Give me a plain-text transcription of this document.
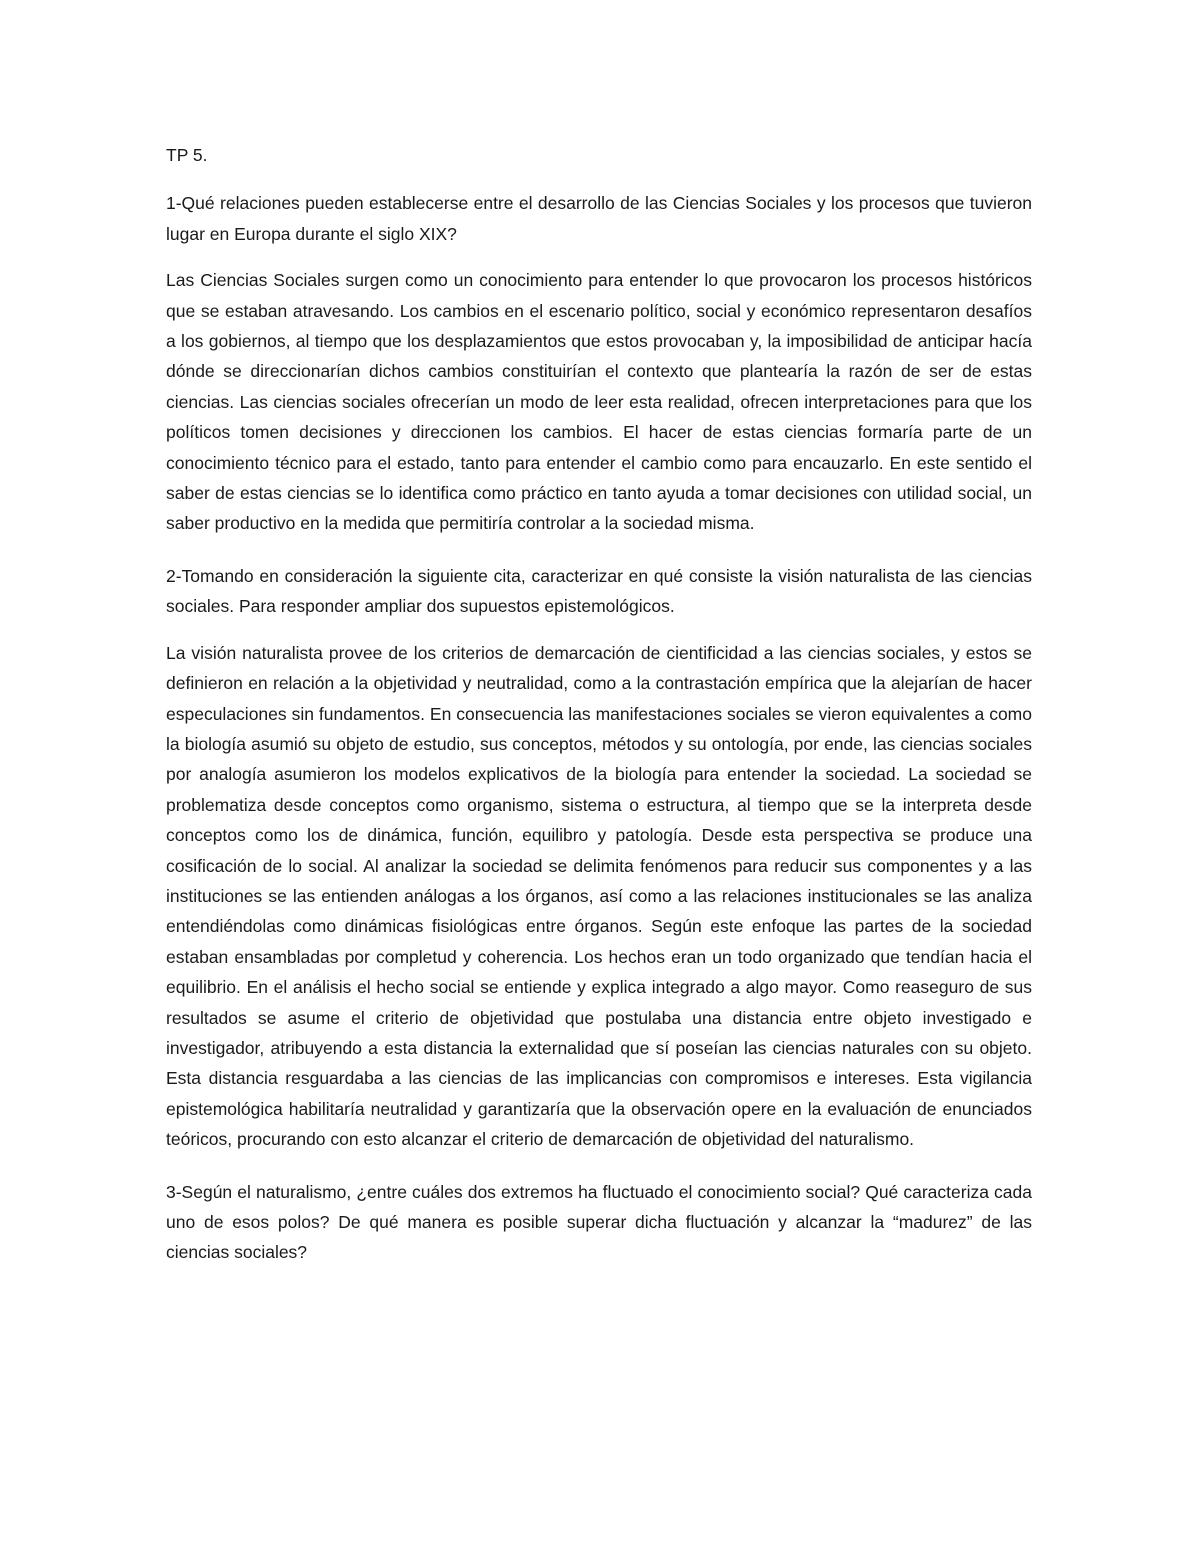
TP 5.

1-Qué relaciones pueden establecerse entre el desarrollo de las Ciencias Sociales y los procesos que tuvieron lugar en Europa durante el siglo XIX?

Las Ciencias Sociales surgen como un conocimiento para entender lo que provocaron los procesos históricos que se estaban atravesando. Los cambios en el escenario político, social y económico representaron desafíos a los gobiernos, al tiempo que los desplazamientos que estos provocaban y, la imposibilidad de anticipar hacía dónde se direccionarían dichos cambios constituirían el contexto que plantearía la razón de ser de estas ciencias. Las ciencias sociales ofrecerían un modo de leer esta realidad, ofrecen interpretaciones para que los políticos tomen decisiones y direccionen los cambios. El hacer de estas ciencias formaría parte de un conocimiento técnico para el estado, tanto para entender el cambio como para encauzarlo. En este sentido el saber de estas ciencias se lo identifica como práctico en tanto ayuda a tomar decisiones con utilidad social, un saber productivo en la medida que permitiría controlar a la sociedad misma.

2-Tomando en consideración la siguiente cita, caracterizar en qué consiste la visión naturalista de las ciencias sociales. Para responder ampliar dos supuestos epistemológicos.

La visión naturalista provee de los criterios de demarcación de cientificidad a las ciencias sociales, y estos se definieron en relación a la objetividad y neutralidad, como a la contrastación empírica que la alejarían de hacer especulaciones sin fundamentos. En consecuencia las manifestaciones sociales se vieron equivalentes a como la biología asumió su objeto de estudio, sus conceptos, métodos y su ontología, por ende, las ciencias sociales por analogía asumieron los modelos explicativos de la biología para entender la sociedad. La sociedad se problematiza desde conceptos como organismo, sistema o estructura, al tiempo que se la interpreta desde conceptos como los de dinámica, función, equilibro y patología. Desde esta perspectiva se produce una cosificación de lo social. Al analizar la sociedad se delimita fenómenos para reducir sus componentes y a las instituciones se las entienden análogas a los órganos, así como a las relaciones institucionales se las analiza entendiéndolas como dinámicas fisiológicas entre órganos. Según este enfoque las partes de la sociedad estaban ensambladas por completud y coherencia. Los hechos eran un todo organizado que tendían hacia el equilibrio. En el análisis el hecho social se entiende y explica integrado a algo mayor. Como reaseguro de sus resultados se asume el criterio de objetividad que postulaba una distancia entre objeto investigado e investigador, atribuyendo a esta distancia la externalidad que sí poseían las ciencias naturales con su objeto. Esta distancia resguardaba a las ciencias de las implicancias con compromisos e intereses. Esta vigilancia epistemológica habilitaría neutralidad y garantizaría que la observación opere en la evaluación de enunciados teóricos, procurando con esto alcanzar el criterio de demarcación de objetividad del naturalismo.

3-Según el naturalismo, ¿entre cuáles dos extremos ha fluctuado el conocimiento social? Qué caracteriza cada uno de esos polos? De qué manera es posible superar dicha fluctuación y alcanzar la “madurez” de las ciencias sociales?
